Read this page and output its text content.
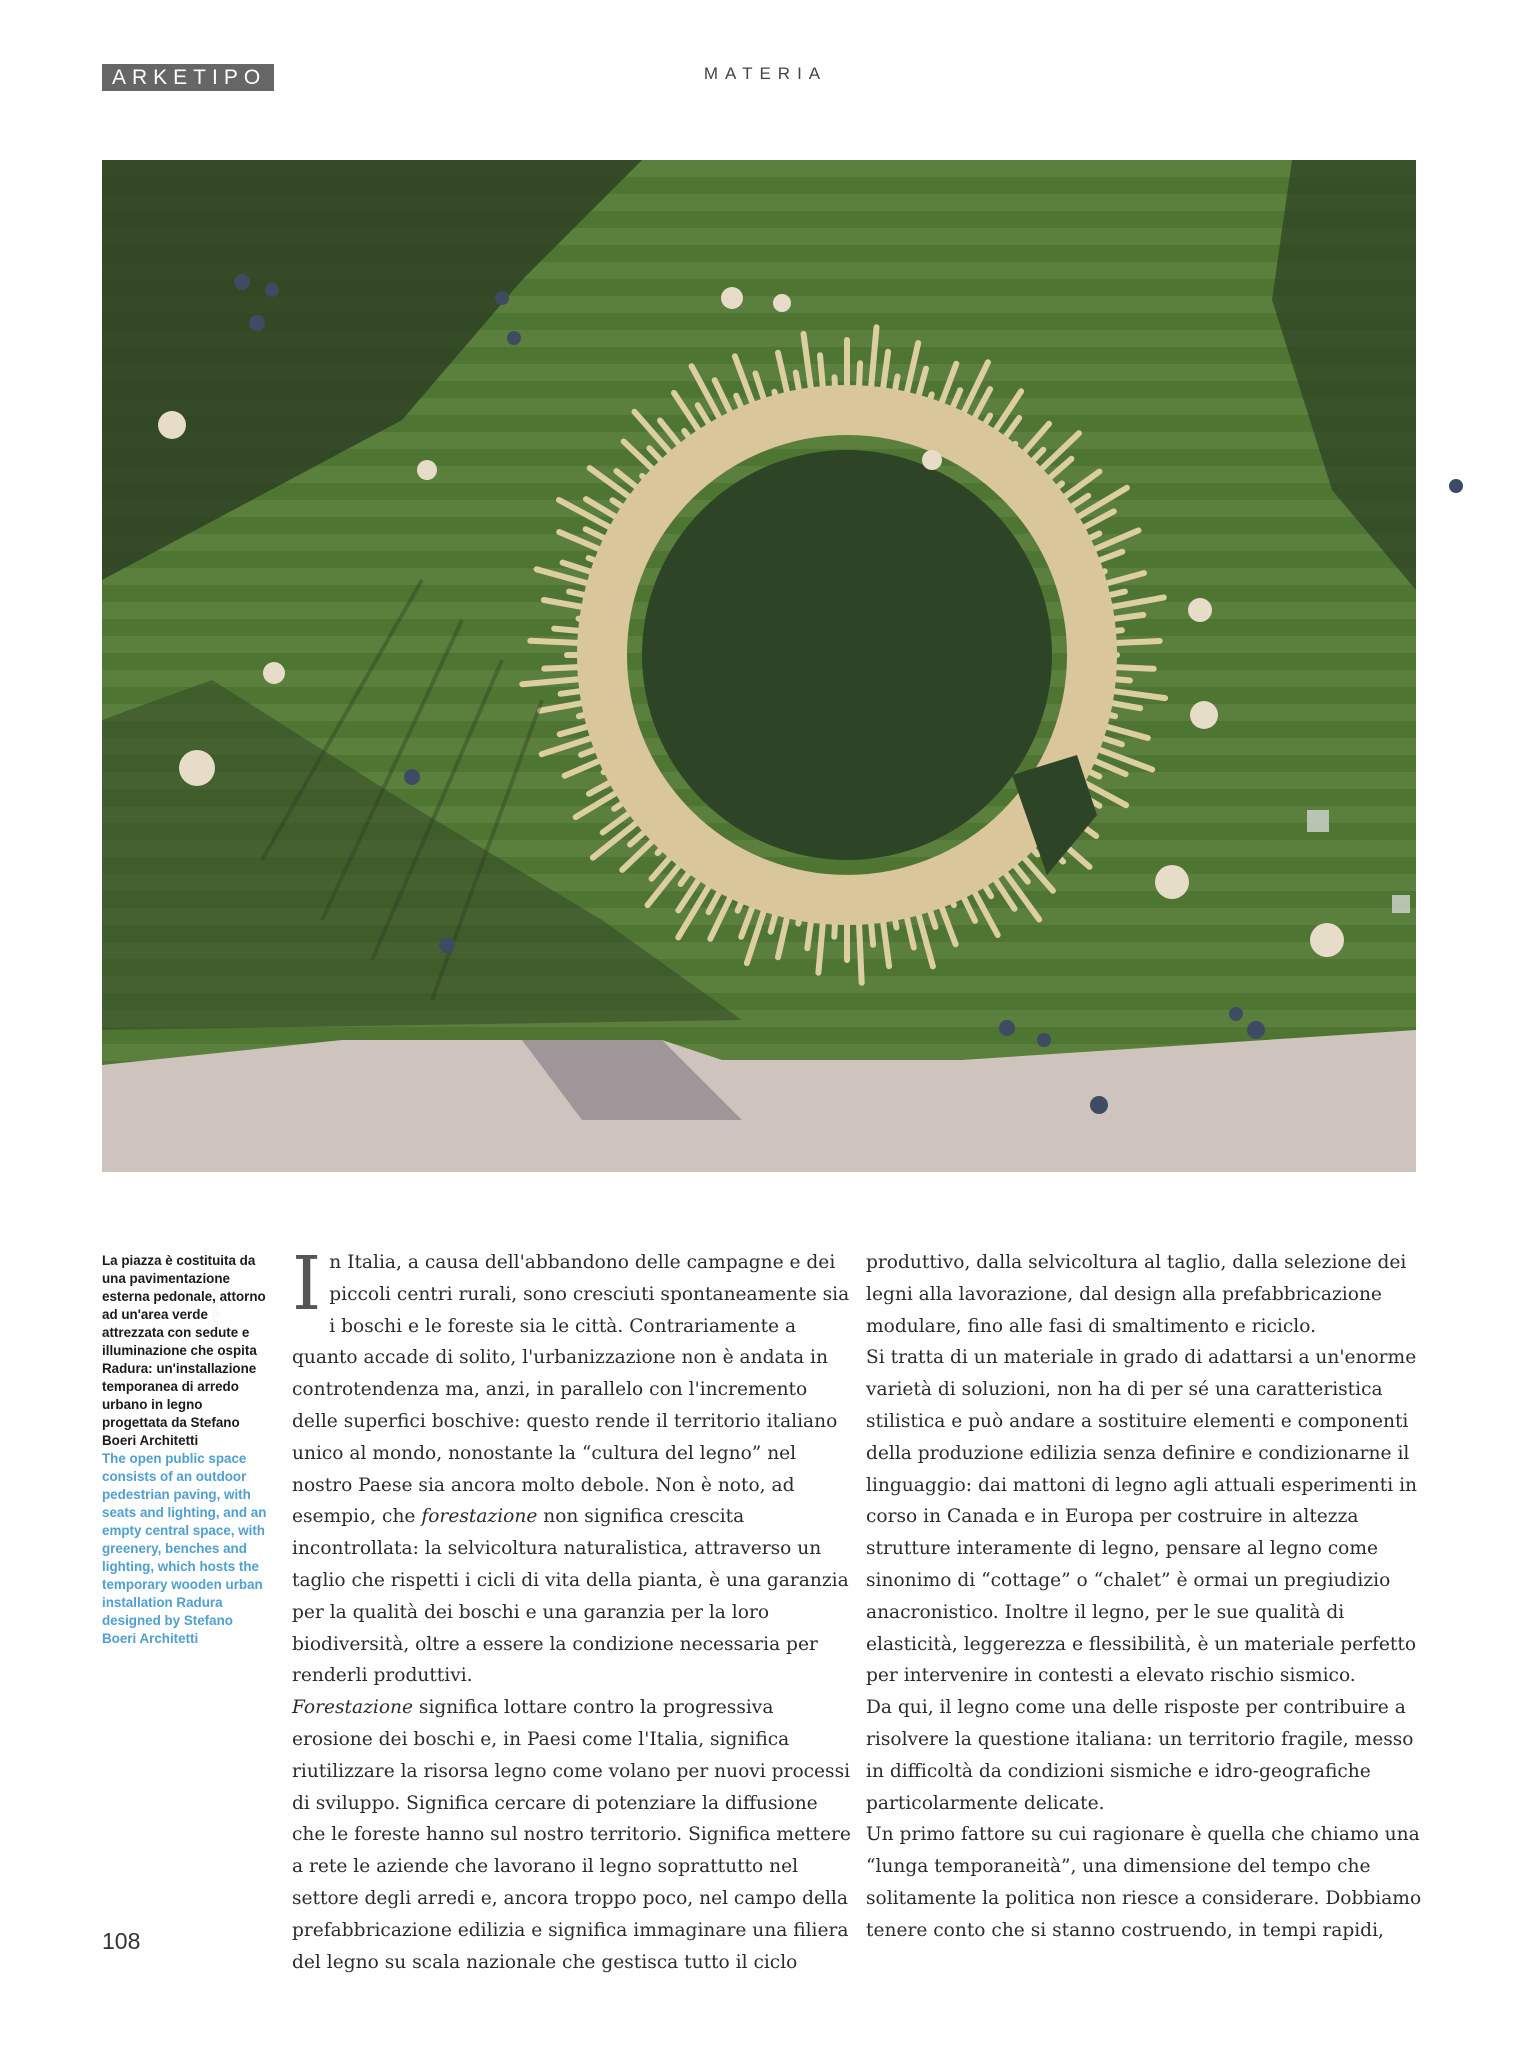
ARKETIPO	MATERIA
LegnoLandia

La piazza è costituita da una pavimentazione esterna pedonale, attorno ad un'area verde attrezzata con sedute e illuminazione che ospita Radura: un'installazione temporanea di arredo urbano in legno progettata da Stefano Boeri Architetti

The open public space consists of an outdoor pedestrian paving, with seats and lighting, and an empty central space, with greenery, benches and lighting, which hosts the temporary wooden urban installation Radura designed by Stefano Boeri Architetti

In Italia, a causa dell'abbandono delle campagne e dei piccoli centri rurali, sono cresciuti spontaneamente sia i boschi e le foreste sia le città. Contrariamente a quanto accade di solito, l'urbanizzazione non è andata in controtendenza ma, anzi, in parallelo con l'incremento delle superfici boschive: questo rende il territorio italiano unico al mondo, nonostante la “cultura del legno” nel nostro Paese sia ancora molto debole. Non è noto, ad esempio, che forestazione non significa crescita incontrollata: la selvicoltura naturalistica, attraverso un taglio che rispetti i cicli di vita della pianta, è una garanzia per la qualità dei boschi e una garanzia per la loro biodiversità, oltre a essere la condizione necessaria per renderli produttivi.

Forestazione significa lottare contro la progressiva erosione dei boschi e, in Paesi come l'Italia, significa riutilizzare la risorsa legno come volano per nuovi processi di sviluppo. Significa cercare di potenziare la diffusione che le foreste hanno sul nostro territorio. Significa mettere a rete le aziende che lavorano il legno soprattutto nel settore degli arredi e, ancora troppo poco, nel campo della prefabbricazione edilizia e significa immaginare una filiera del legno su scala nazionale che gestisca tutto il ciclo

produttivo, dalla selvicoltura al taglio, dalla selezione dei legni alla lavorazione, dal design alla prefabbricazione modulare, fino alle fasi di smaltimento e riciclo.

Si tratta di un materiale in grado di adattarsi a un'enorme varietà di soluzioni, non ha di per sé una caratteristica stilistica e può andare a sostituire elementi e componenti della produzione edilizia senza definire e condizionarne il linguaggio: dai mattoni di legno agli attuali esperimenti in corso in Canada e in Europa per costruire in altezza strutture interamente di legno, pensare al legno come sinonimo di “cottage” o “chalet” è ormai un pregiudizio anacronistico. Inoltre il legno, per le sue qualità di elasticità, leggerezza e flessibilità, è un materiale perfetto per intervenire in contesti a elevato rischio sismico.

Da qui, il legno come una delle risposte per contribuire a risolvere la questione italiana: un territorio fragile, messo in difficoltà da condizioni sismiche e idro-geografiche particolarmente delicate.

Un primo fattore su cui ragionare è quella che chiamo una “lunga temporaneità”, una dimensione del tempo che solitamente la politica non riesce a considerare. Dobbiamo tenere conto che si stanno costruendo, in tempi rapidi,

108
